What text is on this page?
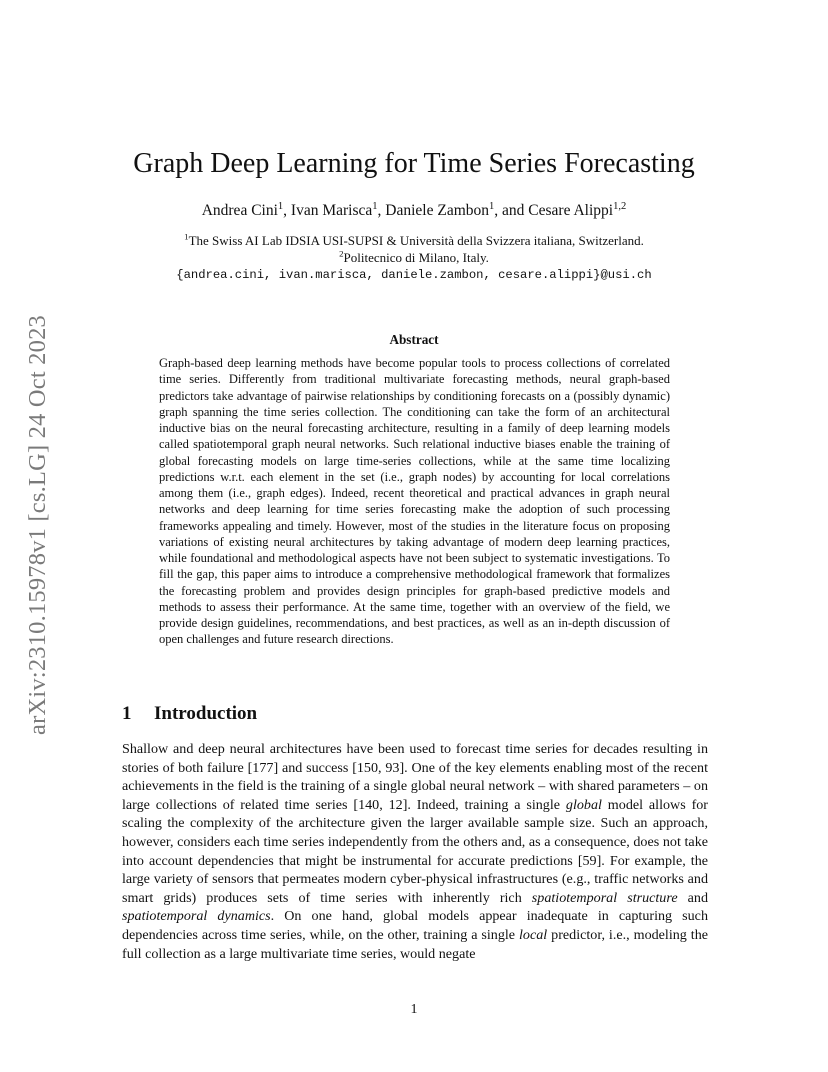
arXiv:2310.15978v1 [cs.LG] 24 Oct 2023
Graph Deep Learning for Time Series Forecasting

Andrea Cini$^1$, Ivan Marisca$^1$, Daniele Zambon$^1$, and Cesare Alippi$^{1,2}$

$^1$The Swiss AI Lab IDSIA USI-SUPSI & Università della Svizzera italiana, Switzerland.

$^2$Politecnico di Milano, Italy.

{andrea.cini, ivan.marisca, daniele.zambon, cesare.alippi}@usi.ch

Abstract

Graph-based deep learning methods have become popular tools to process collections of correlated time series. Differently from traditional multivariate forecasting methods, neural graph-based predictors take advantage of pairwise relationships by conditioning forecasts on a (possibly dynamic) graph spanning the time series collection. The conditioning can take the form of an architectural inductive bias on the neural forecasting architecture, resulting in a family of deep learning models called spatiotemporal graph neural networks. Such relational inductive biases enable the training of global forecasting models on large time-series collections, while at the same time localizing predictions w.r.t. each element in the set (i.e., graph nodes) by accounting for local correlations among them (i.e., graph edges). Indeed, recent theoretical and practical advances in graph neural networks and deep learning for time series forecasting make the adoption of such processing frameworks appealing and timely. However, most of the studies in the literature focus on proposing variations of existing neural architectures by taking advantage of modern deep learning practices, while foundational and methodological aspects have not been subject to systematic investigations. To fill the gap, this paper aims to introduce a comprehensive methodological framework that formalizes the forecasting problem and provides design principles for graph-based predictive models and methods to assess their performance. At the same time, together with an overview of the field, we provide design guidelines, recommendations, and best practices, as well as an in-depth discussion of open challenges and future research directions.

1 Introduction

Shallow and deep neural architectures have been used to forecast time series for decades resulting in stories of both failure [177] and success [150, 93]. One of the key elements enabling most of the recent achievements in the field is the training of a single global neural network – with shared parameters – on large collections of related time series [140, 12]. Indeed, training a single global model allows for scaling the complexity of the architecture given the larger available sample size. Such an approach, however, considers each time series independently from the others and, as a consequence, does not take into account dependencies that might be instrumental for accurate predictions [59]. For example, the large variety of sensors that permeates modern cyber-physical infrastructures (e.g., traffic networks and smart grids) produces sets of time series with inherently rich spatiotemporal structure and spatiotemporal dynamics. On one hand, global models appear inadequate in capturing such dependencies across time series, while, on the other, training a single local predictor, i.e., modeling the full collection as a large multivariate time series, would negate

1
